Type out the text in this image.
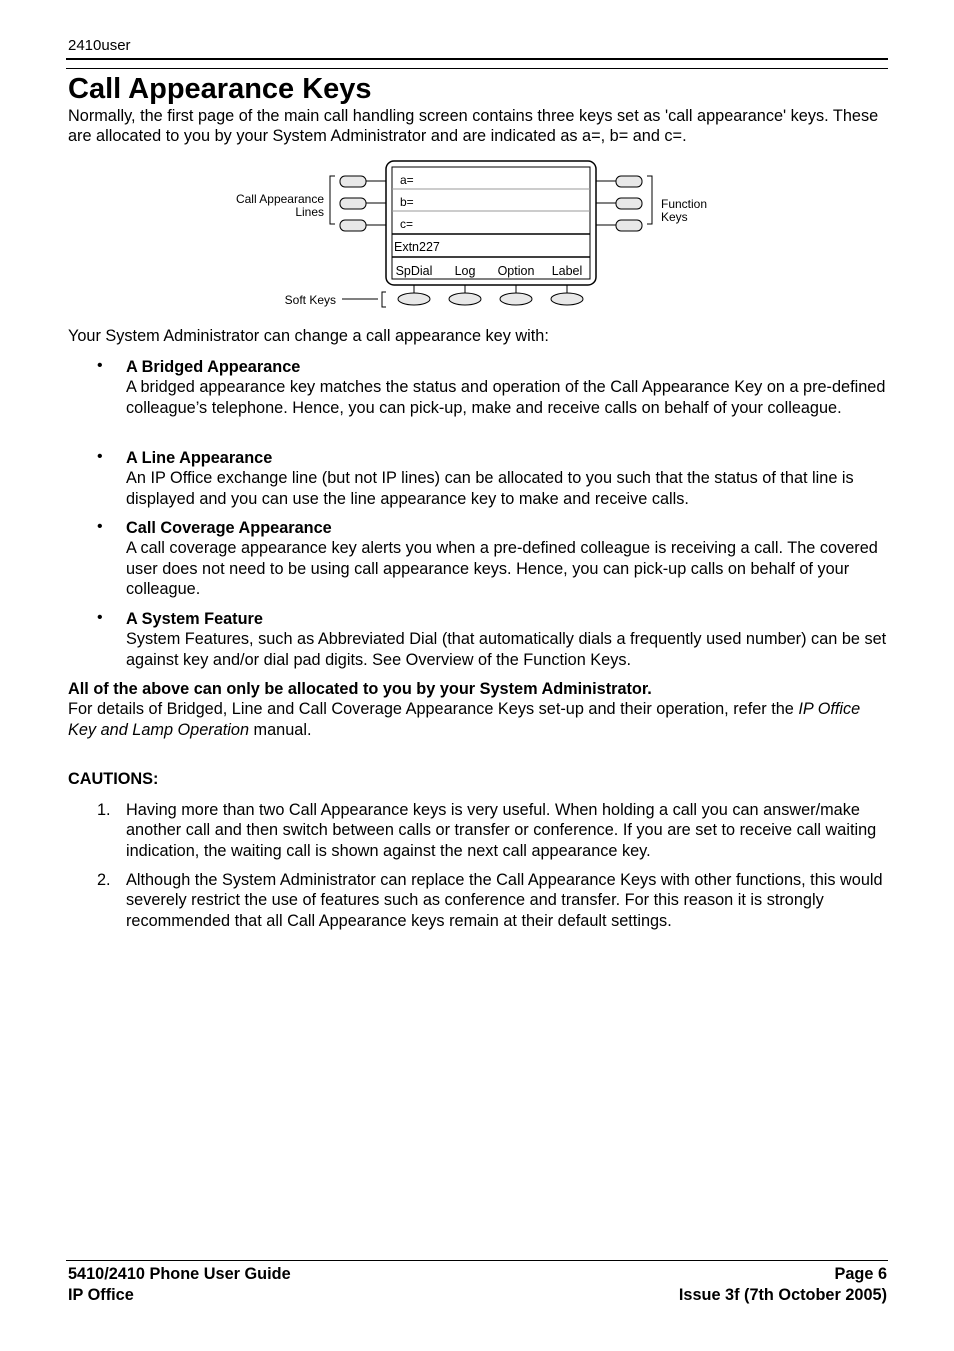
2410user
Call Appearance Keys

Normally, the first page of the main call handling screen contains three keys set as 'call appearance' keys. These are allocated to you by your System Administrator and are indicated as a=, b= and c=.

Call Appearance
Lines
a=
b=
c=
Extn227
SpDial Log Option Label
Function
Keys
Soft Keys

Your System Administrator can change a call appearance key with:

• A Bridged Appearance
A bridged appearance key matches the status and operation of the Call Appearance Key on a pre-defined colleague’s telephone. Hence, you can pick-up, make and receive calls on behalf of your colleague.
• A Line Appearance
An IP Office exchange line (but not IP lines) can be allocated to you such that the status of that line is displayed and you can use the line appearance key to make and receive calls.
• Call Coverage Appearance
A call coverage appearance key alerts you when a pre-defined colleague is receiving a call. The covered user does not need to be using call appearance keys. Hence, you can pick-up calls on behalf of your colleague.
• A System Feature
System Features, such as Abbreviated Dial (that automatically dials a frequently used number) can be set against key and/or dial pad digits. See Overview of the Function Keys.
All of the above can only be allocated to you by your System Administrator.
For details of Bridged, Line and Call Coverage Appearance Keys set-up and their operation, refer the IP Office Key and Lamp Operation manual.
CAUTIONS:
1. Having more than two Call Appearance keys is very useful. When holding a call you can answer/make another call and then switch between calls or transfer or conference. If you are set to receive call waiting indication, the waiting call is shown against the next call appearance key.
2. Although the System Administrator can replace the Call Appearance Keys with other functions, this would severely restrict the use of features such as conference and transfer. For this reason it is strongly recommended that all Call Appearance keys remain at their default settings.
5410/2410 Phone User Guide
IP Office
Page 6
Issue 3f (7th October 2005)
